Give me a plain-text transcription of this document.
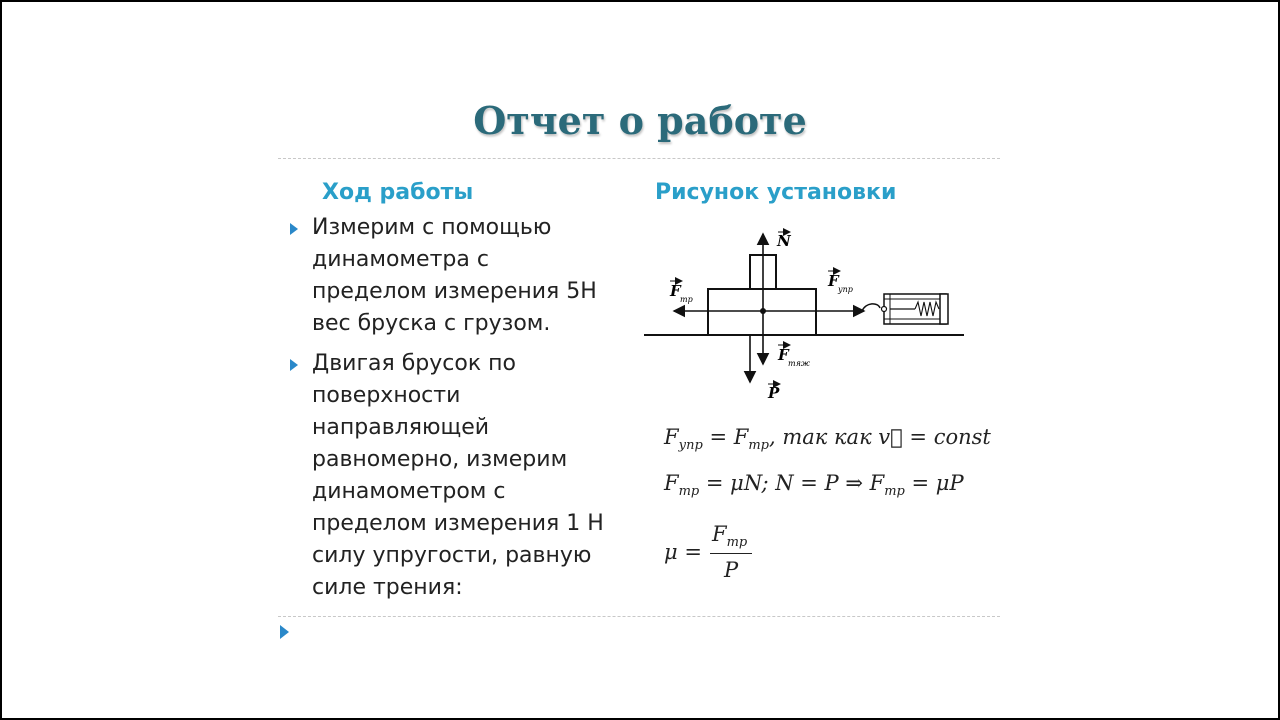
Отчет о работе
Ход работы	Рисунок установки
Измерим с помощью
динамометра с
пределом измерения 5Н
вес бруска с грузом.
Двигая брусок по
поверхности
направляющей
равномерно, измерим
динамометром с
пределом измерения 1 Н
силу упругости, равную
силе трения:
N
F тр
F упр
F тяж
P
$F_{упр} = F_{тр}$, так как v⃗ = const
$F_{тр} = \mu N$; N = P ⇒ $F_{тр} = \mu P$
μ =
$F_{тр}$
P
